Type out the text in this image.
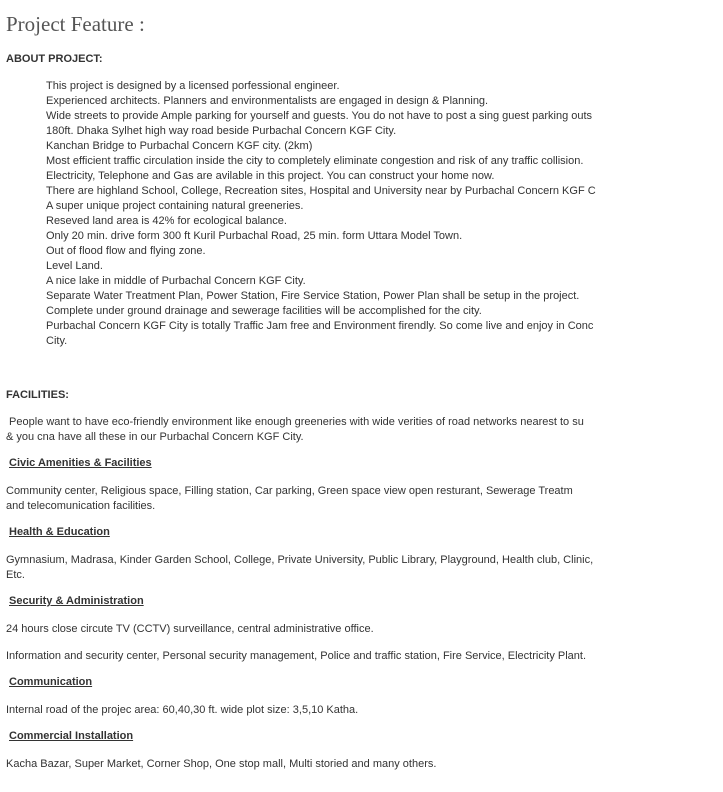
Project Feature :
ABOUT PROJECT:
This project is designed by a licensed porfessional engineer.
Experienced architects. Planners and environmentalists are engaged in design & Planning.
Wide streets to provide Ample parking for yourself and guests. You do not have to post a sing guest parking outs
180ft. Dhaka Sylhet high way road beside Purbachal Concern KGF City.
Kanchan Bridge to Purbachal Concern KGF city. (2km)
Most efficient traffic circulation inside the city to completely eliminate congestion and risk of any traffic collision.
Electricity, Telephone and Gas are avilable in this project. You can construct your home now.
There are highland School, College, Recreation sites, Hospital and University near by Purbachal Concern KGF C
A super unique project containing natural greeneries.
Reseved land area is 42% for ecological balance.
Only 20 min. drive form 300 ft Kuril Purbachal Road, 25 min. form Uttara Model Town.
Out of flood flow and flying zone.
Level Land.
A nice lake in middle of Purbachal Concern KGF City.
Separate Water Treatment Plan, Power Station, Fire Service Station, Power Plan shall be setup in the project.
Complete under ground drainage and sewerage facilities will be accomplished for the city.
Purbachal Concern KGF City is totally Traffic Jam free and Environment firendly. So come live and enjoy in Conc
City.
FACILITIES:
People want to have eco-friendly environment like enough greeneries with wide verities of road networks nearest to su
& you cna have all these in our Purbachal Concern KGF City.
Civic Amenities & Facilities
Community center, Religious space, Filling station, Car parking, Green space view open resturant, Sewerage Treatm
and telecomunication facilities.
Health & Education
Gymnasium, Madrasa, Kinder Garden School, College, Private University, Public Library, Playground, Health club, Clinic,
Etc.
Security & Administration
24 hours close circute TV (CCTV) surveillance, central administrative office.
Information and security center, Personal security management, Police and traffic station, Fire Service, Electricity Plant.
Communication
Internal road of the projec area: 60,40,30 ft. wide plot size: 3,5,10 Katha.
Commercial Installation
Kacha Bazar, Super Market, Corner Shop, One stop mall, Multi storied and many others.
